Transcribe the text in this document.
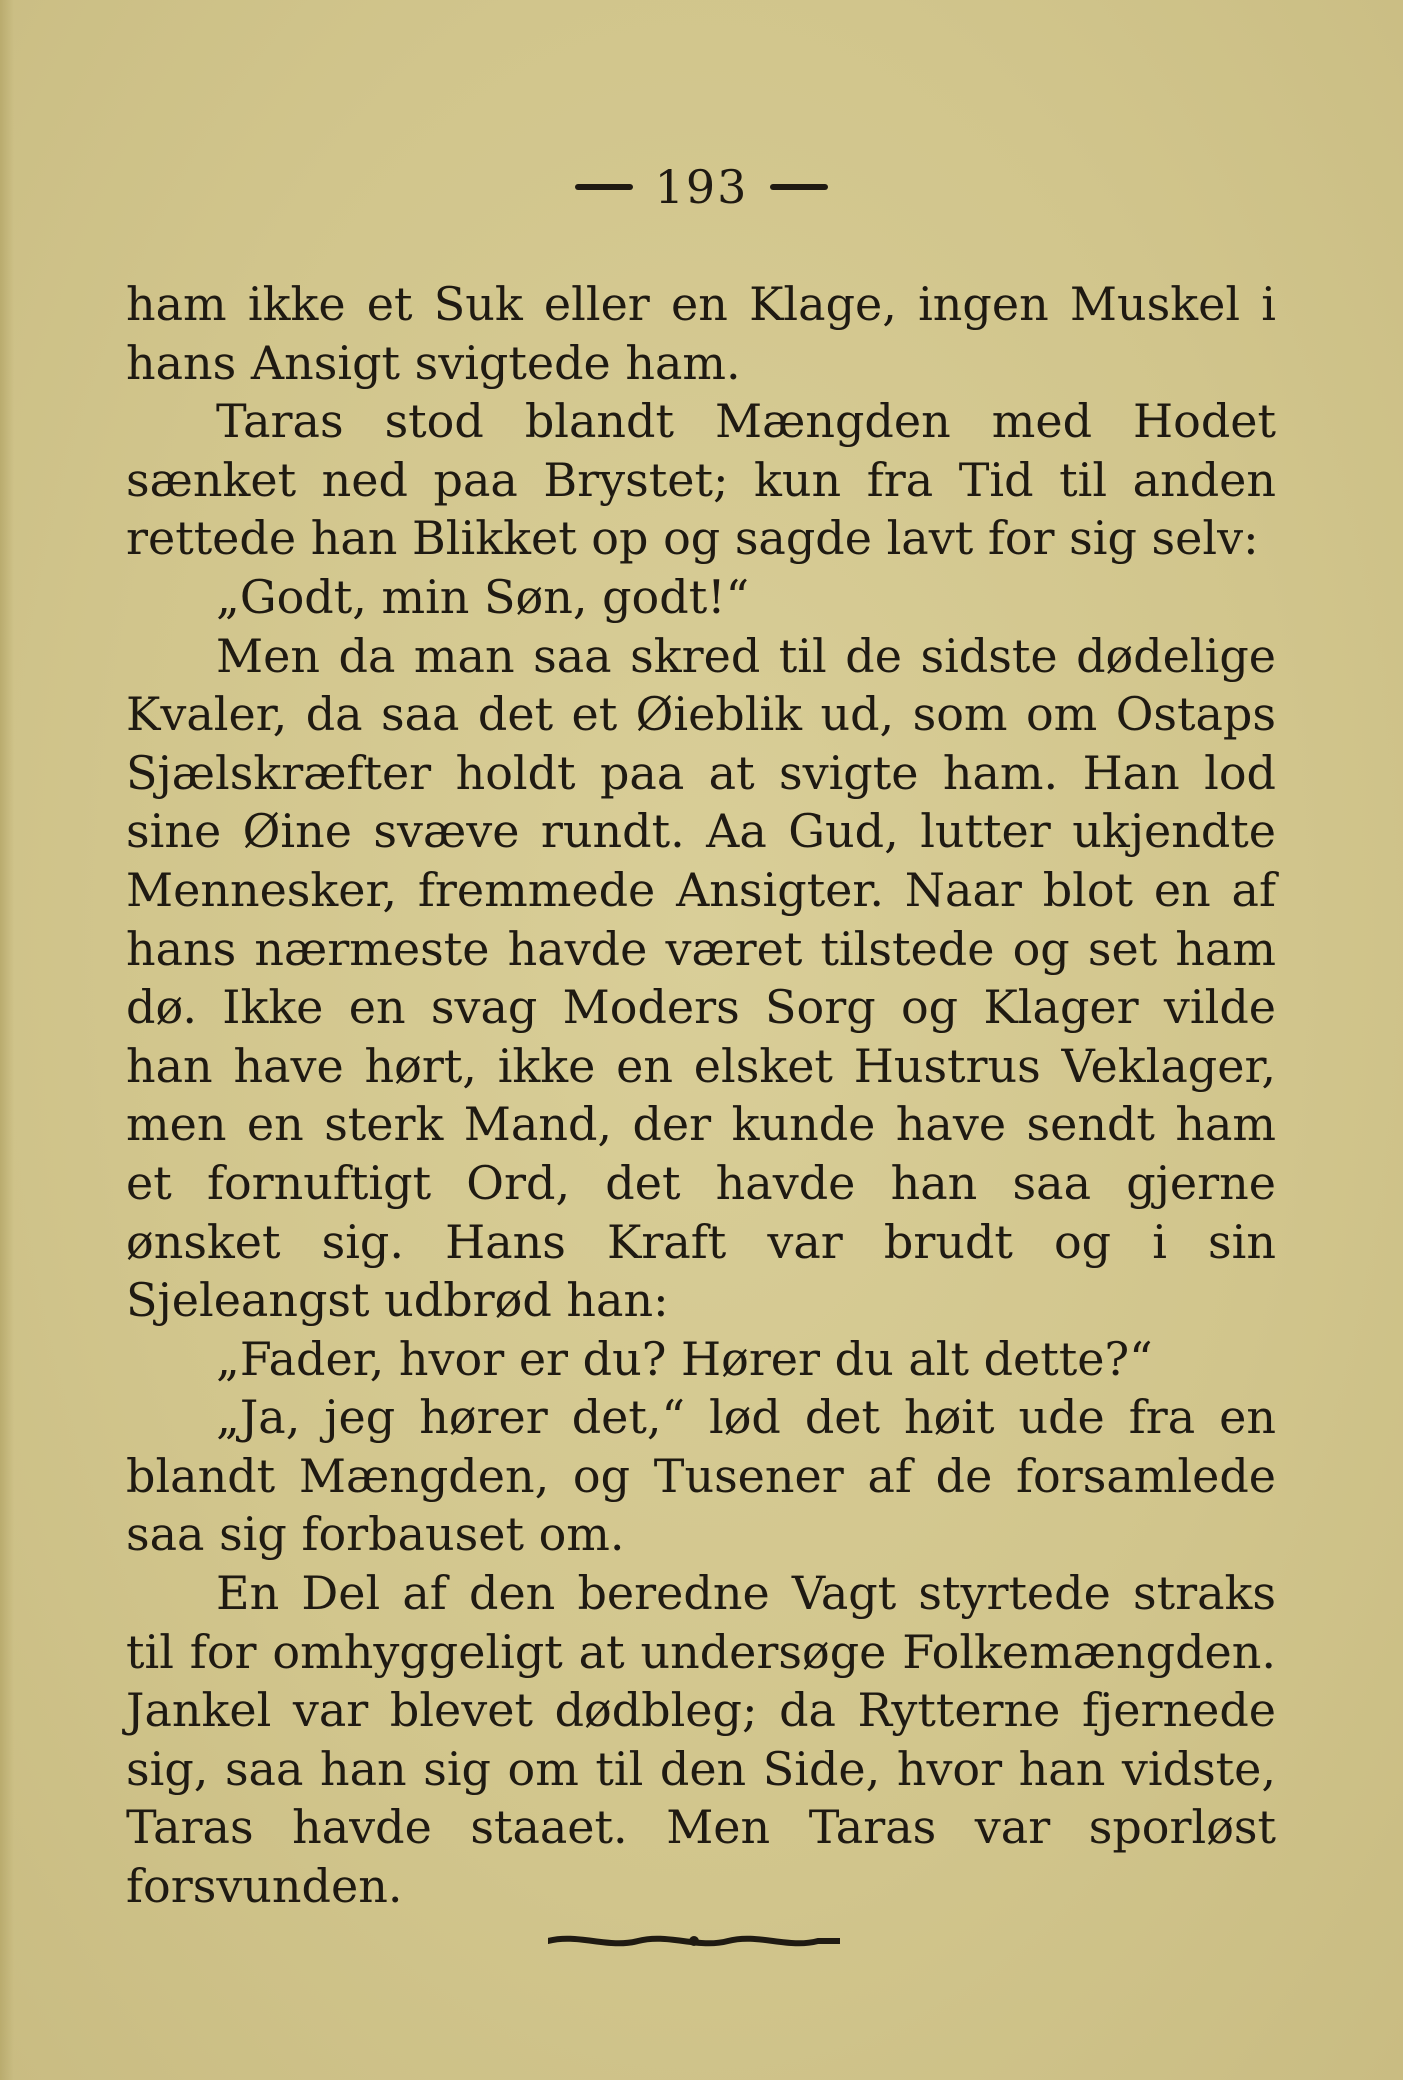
193

ham ikke et Suk eller en Klage, ingen Muskel i hans Ansigt svigtede ham.

Taras stod blandt Mængden med Hodet sænket ned paa Brystet; kun fra Tid til anden rettede han Blikket op og sagde lavt for sig selv:

„Godt, min Søn, godt!“

Men da man saa skred til de sidste dødelige Kvaler, da saa det et Øieblik ud, som om Ostaps Sjælskræfter holdt paa at svigte ham. Han lod sine Øine svæve rundt. Aa Gud, lutter ukjendte Mennesker, fremmede Ansigter. Naar blot en af hans nærmeste havde været tilstede og set ham dø. Ikke en svag Moders Sorg og Klager vilde han have hørt, ikke en elsket Hustrus Veklager, men en sterk Mand, der kunde have sendt ham et fornuftigt Ord, det havde han saa gjerne ønsket sig. Hans Kraft var brudt og i sin Sjeleangst udbrød han:

„Fader, hvor er du? Hører du alt dette?“

„Ja, jeg hører det,“ lød det høit ude fra en blandt Mængden, og Tusener af de forsamlede saa sig forbauset om.

En Del af den beredne Vagt styrtede straks til for omhyggeligt at undersøge Folkemængden. Jankel var blevet dødbleg; da Rytterne fjernede sig, saa han sig om til den Side, hvor han vidste, Taras havde staaet. Men Taras var sporløst forsvunden.
